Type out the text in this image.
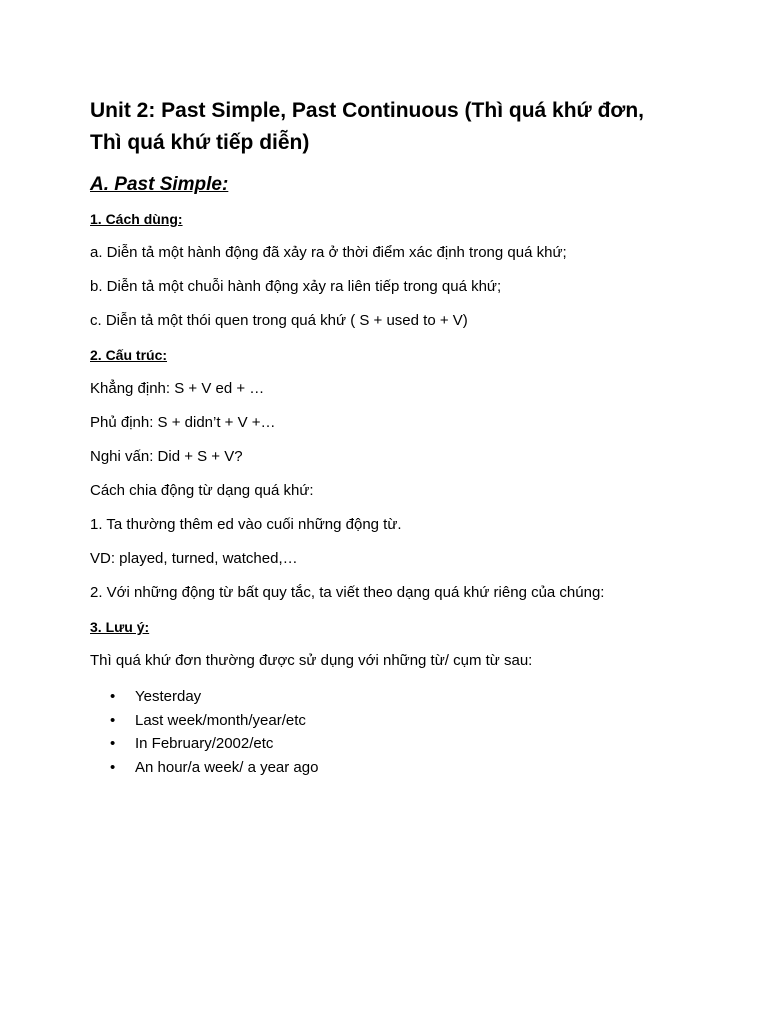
Unit 2: Past Simple, Past Continuous (Thì quá khứ đơn,
Thì quá khứ tiếp diễn)
A. Past Simple:
1. Cách dùng:

a. Diễn tả một hành động đã xảy ra ở thời điểm xác định trong quá khứ;

b. Diễn tả một chuỗi hành động xảy ra liên tiếp trong quá khứ;

c. Diễn tả một thói quen trong quá khứ ( S + used to + V)

2. Cấu trúc:

Khẳng định: S + V ed + …

Phủ định: S + didn’t + V +…

Nghi vấn: Did + S + V?

Cách chia động từ dạng quá khứ:

1. Ta thường thêm ed vào cuối những động từ.

VD: played, turned, watched,…

2. Với những động từ bất quy tắc, ta viết theo dạng quá khứ riêng của chúng:

3. Lưu ý:

Thì quá khứ đơn thường được sử dụng với những từ/ cụm từ sau:

• Yesterday
• Last week/month/year/etc
• In February/2002/etc
• An hour/a week/ a year ago
